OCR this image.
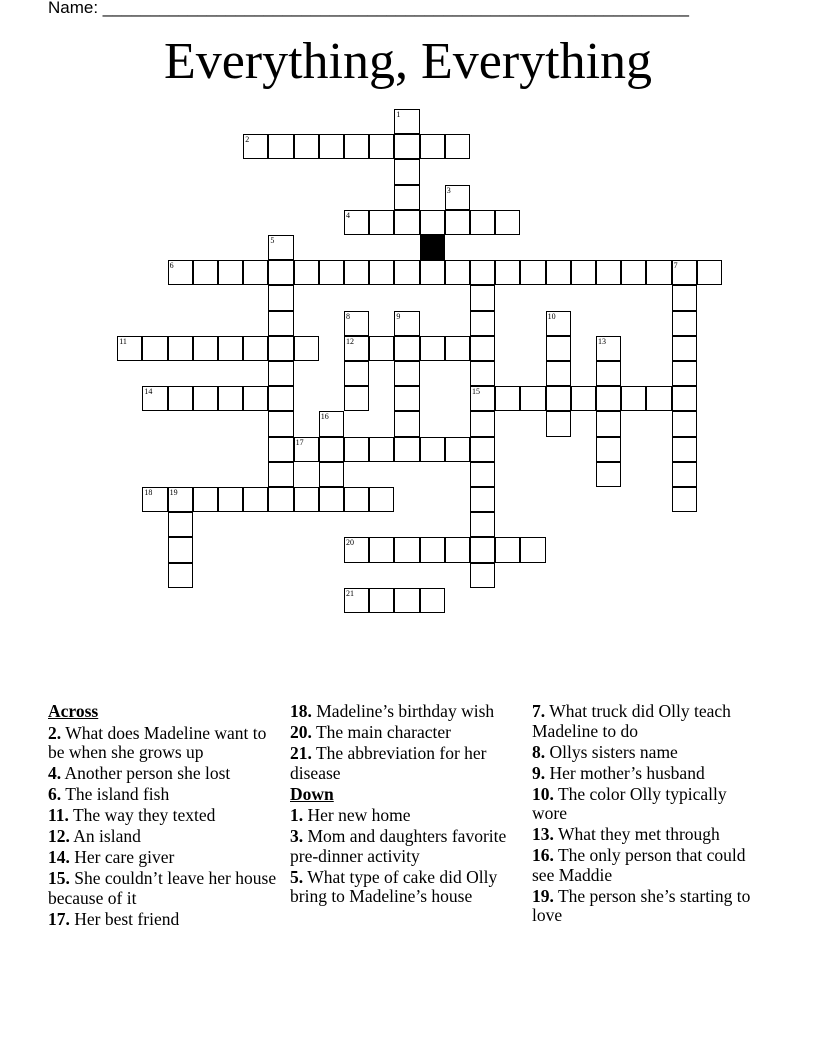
Name: ______________________________________________________________
Everything, Everything
1
2
3
4
5
6	7
8
12
9	10
11	13
14	15
16
17
18 19
20
21
Across
2. What does Madeline want to be when she grows up
4. Another person she lost
6. The island fish
11. The way they texted
12. An island
14. Her care giver
15. She couldn’t leave her house because of it
17. Her best friend
18. Madeline’s birthday wish
20. The main character
21. The abbreviation for her disease
Down
1. Her new home
3. Mom and daughters favorite pre-dinner activity
5. What type of cake did Olly bring to Madeline’s house
7. What truck did Olly teach Madeline to do
8. Ollys sisters name
9. Her mother’s husband
10. The color Olly typically wore
13. What they met through
16. The only person that could see Maddie
19. The person she’s starting to love
